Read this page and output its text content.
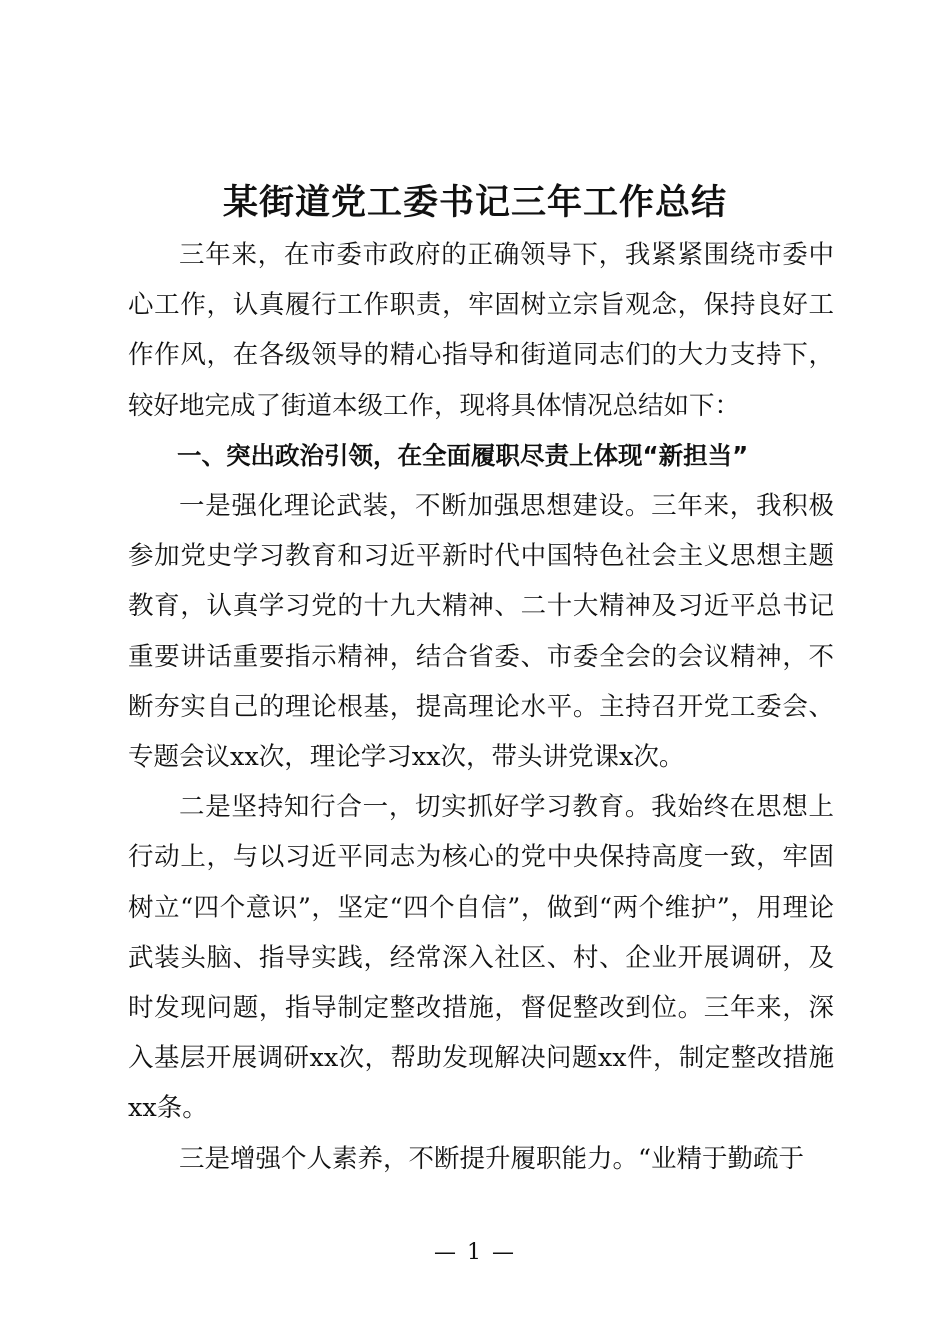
某街道党工委书记三年工作总结

三年来，在市委市政府的正确领导下，我紧紧围绕市委中心工作，认真履行工作职责，牢固树立宗旨观念，保持良好工作作风，在各级领导的精心指导和街道同志们的大力支持下，较好地完成了街道本级工作，现将具体情况总结如下：

一、突出政治引领，在全面履职尽责上体现“新担当”

一是强化理论武装，不断加强思想建设。三年来，我积极参加党史学习教育和习近平新时代中国特色社会主义思想主题教育，认真学习党的十九大精神、二十大精神及习近平总书记重要讲话重要指示精神，结合省委、市委全会的会议精神，不断夯实自己的理论根基，提高理论水平。主持召开党工委会、专题会议xx次，理论学习xx次，带头讲党课x次。

二是坚持知行合一，切实抓好学习教育。我始终在思想上行动上，与以习近平同志为核心的党中央保持高度一致，牢固树立“四个意识”，坚定“四个自信”，做到“两个维护”，用理论武装头脑、指导实践，经常深入社区、村、企业开展调研，及时发现问题，指导制定整改措施，督促整改到位。三年来，深入基层开展调研xx次，帮助发现解决问题xx件，制定整改措施xx条。

三是增强个人素养，不断提升履职能力。“业精于勤疏于

— 1 —
